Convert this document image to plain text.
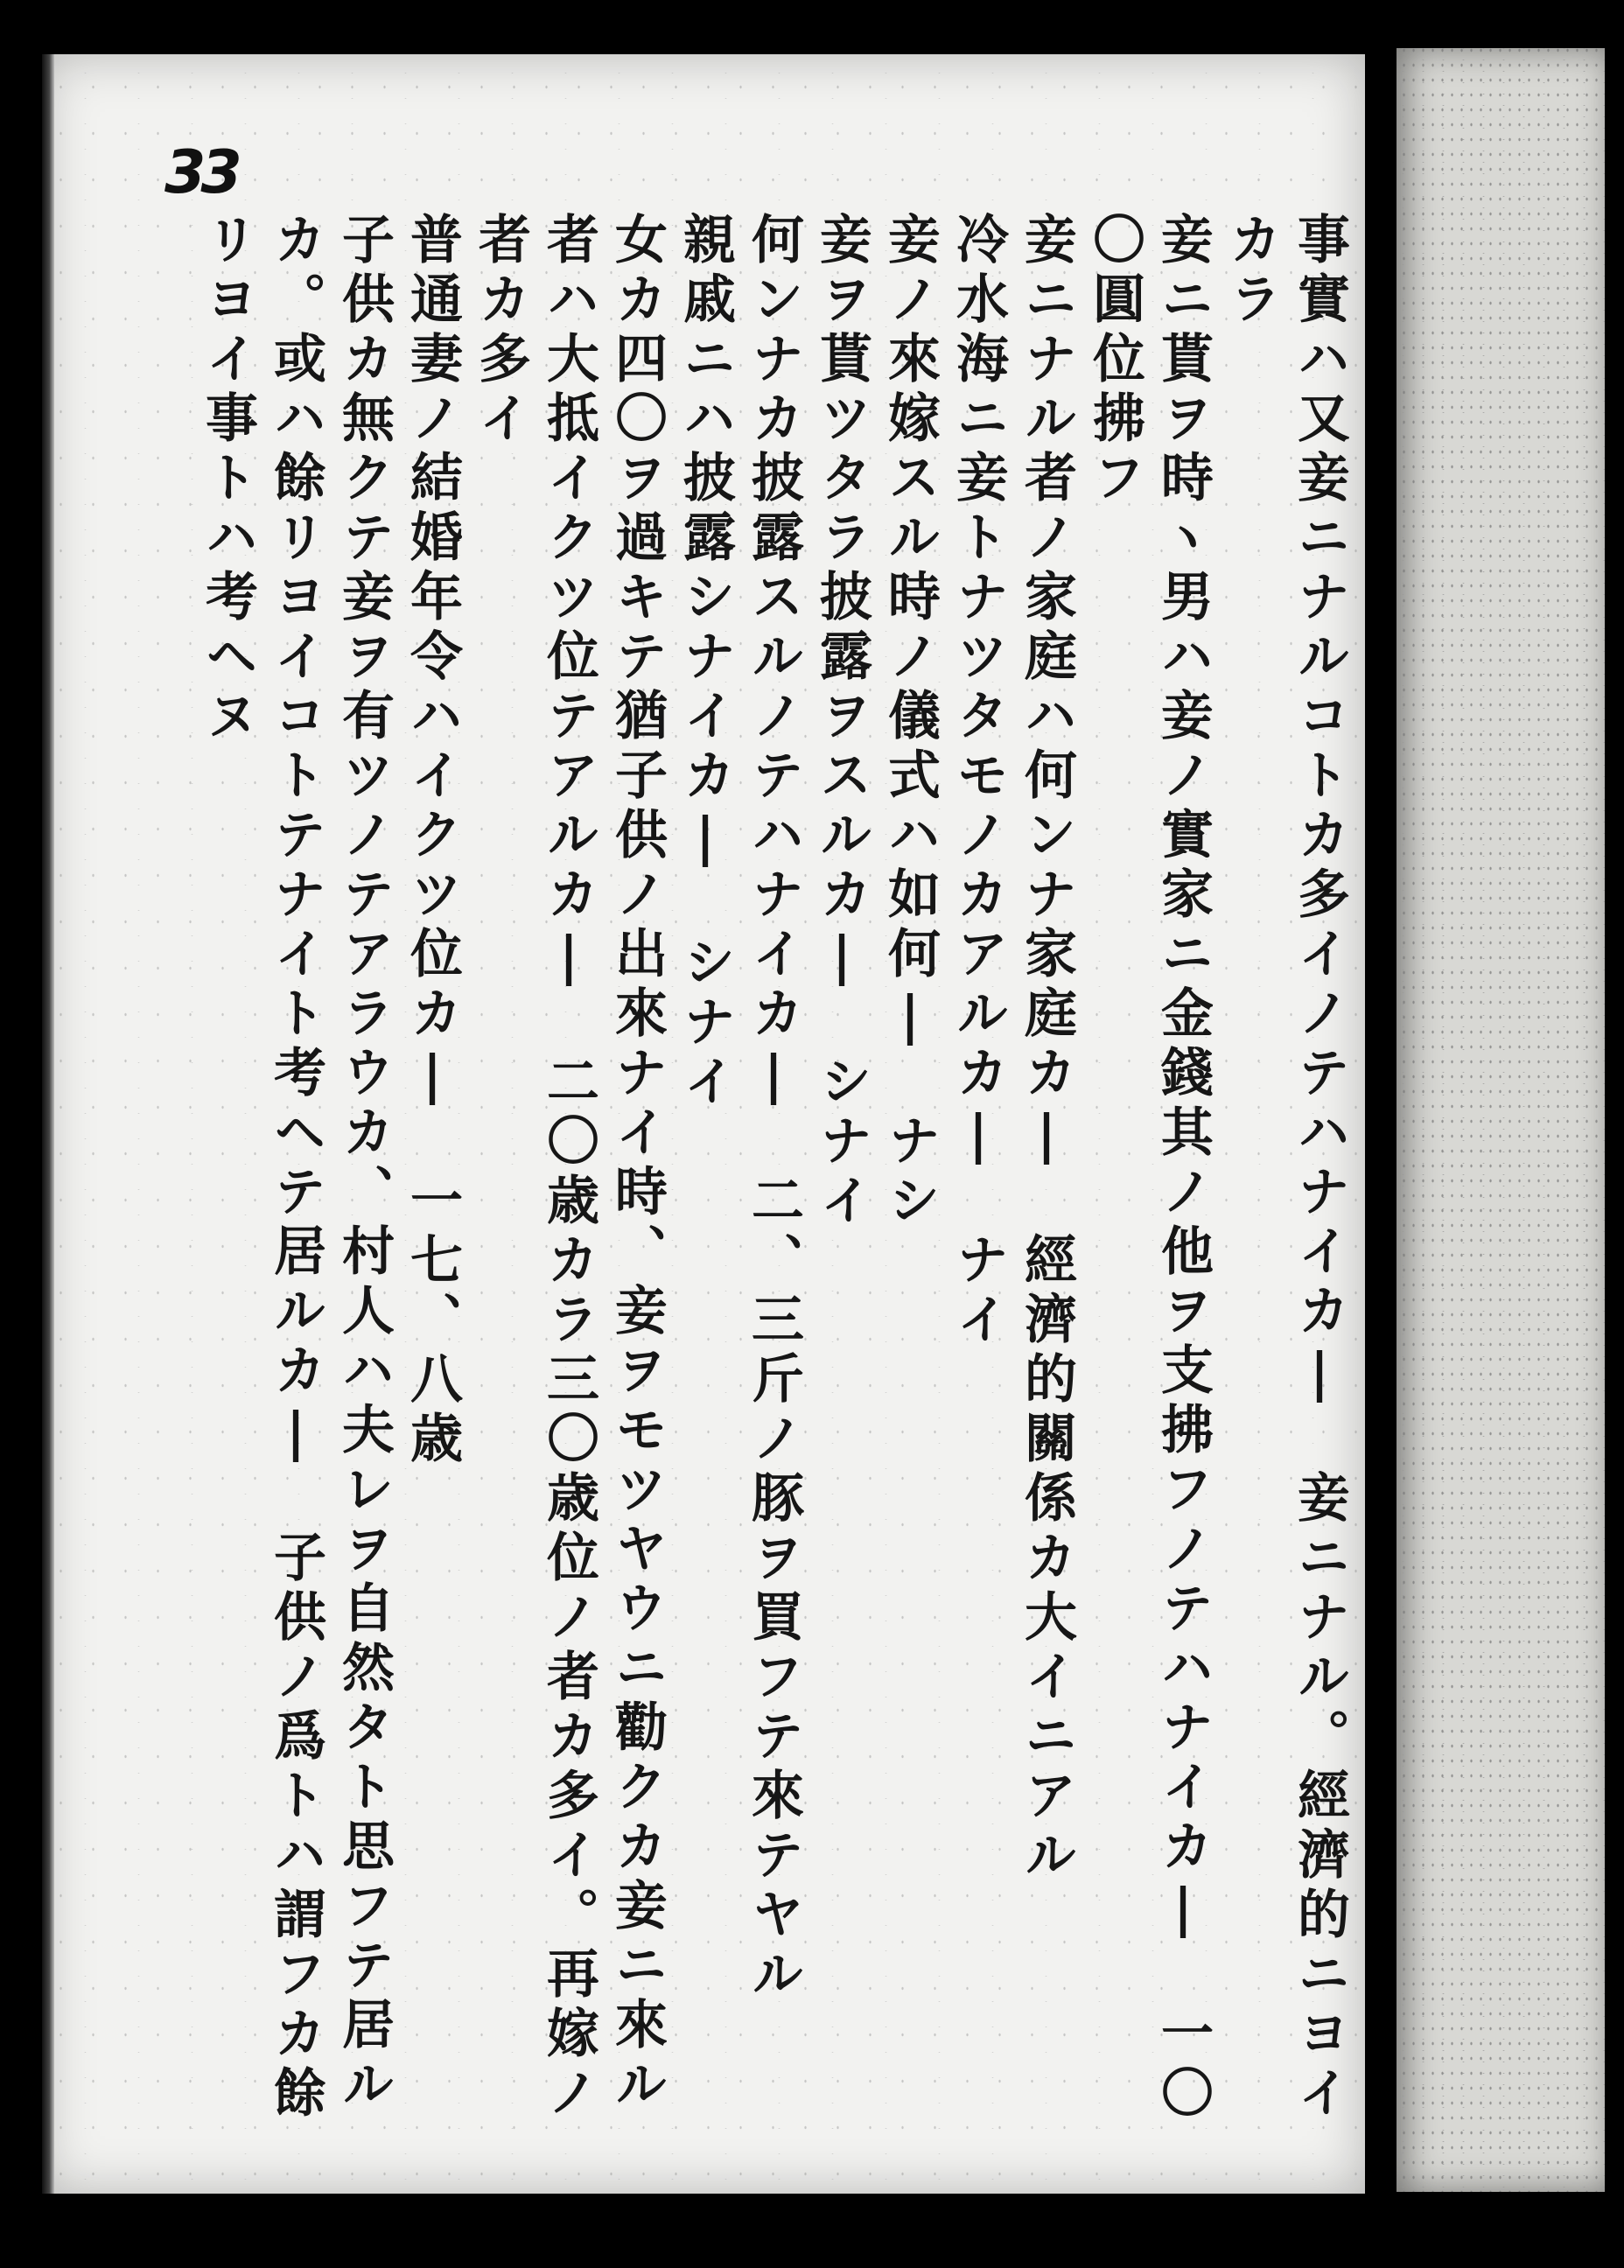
33
事實ハ又妾ニナルコトカ多イノテハナイカ|　妾ニナル。經濟的ニヨイ
カラ
妾ニ貰ヲ時ヽ男ハ妾ノ實家ニ金錢其ノ他ヲ支拂フノテハナイカ|　一〇
〇圓位拂フ
妾ニナル者ノ家庭ハ何ンナ家庭カ|　經濟的關係カ大イニアル
冷水海ニ妾トナツタモノカアルカ|　ナイ
妾ノ來嫁スル時ノ儀式ハ如何|　ナシ
妾ヲ貰ツタラ披露ヲスルカ|　シナイ
何ンナカ披露スルノテハナイカ|　二、三斤ノ豚ヲ買フテ來テヤル
親戚ニハ披露シナイカ|　シナイ
女カ四〇ヲ過キテ猶子供ノ出來ナイ時、妾ヲモツヤウニ勸クカ妾ニ來ル
者ハ大抵イクツ位テアルカ|　二〇歳カラ三〇歳位ノ者カ多イ。再嫁ノ
者カ多イ
普通妻ノ結婚年令ハイクツ位カ|　一七、八歳
子供カ無クテ妾ヲ有ツノテアラウカ、村人ハ夫レヲ自然タト思フテ居ル
カ。或ハ餘リヨイコトテナイト考ヘテ居ルカ|　子供ノ爲トハ謂フカ餘
リヨイ事トハ考ヘヌ
